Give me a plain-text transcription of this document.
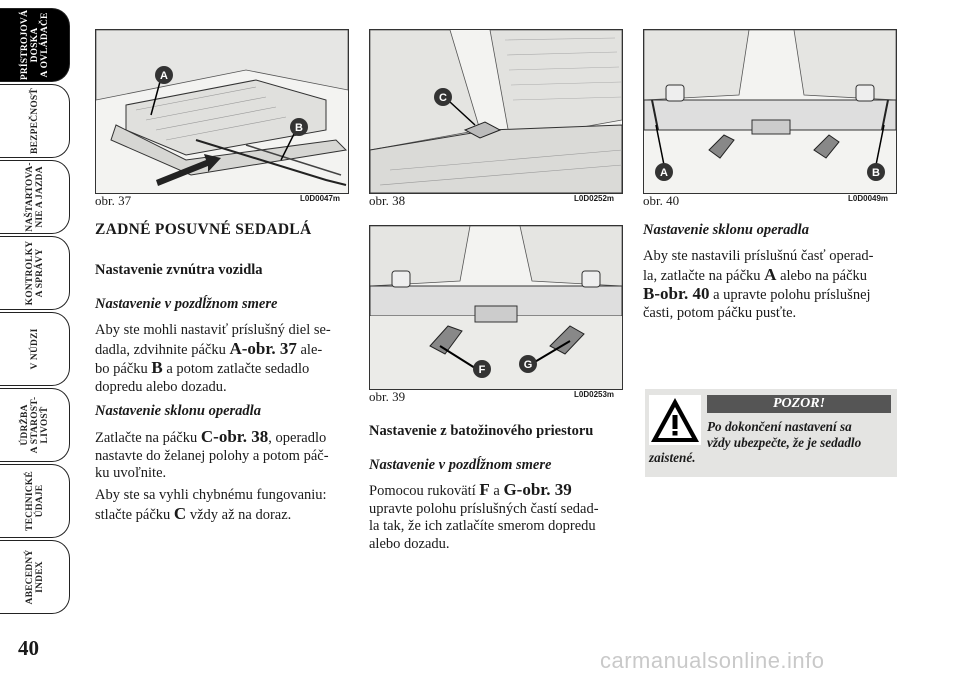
PRÍSTROJOVÁ
DOSKA
A OVLÁDAČE
BEZPEČNOSŤ
NAŠTARTOVA-
NIE A JAZDA
KONTROLKY
A SPRÁVY
V NÚDZI
ÚDRŽBA
A STAROST-
LIVOSŤ
TECHNICKÉ
ÚDAJE
ABECEDNÝ
INDEX
40
A
B
obr. 37	L0D0047m
C
obr. 38	L0D0252m
F	G
obr. 39	L0D0253m
A	B
obr. 40	L0D0049m
ZADNÉ POSUVNÉ SEDADLÁ
Nastavenie zvnútra vozidla
Nastavenie v pozdĺžnom smere
Aby ste mohli nastaviť príslušný diel se-
dadla, zdvihnite páčku A-obr. 37 ale-
bo páčku B a potom zatlačte sedadlo
dopredu alebo dozadu.
Nastavenie sklonu operadla
Zatlačte na páčku C-obr. 38, operadlo
nastavte do želanej polohy a potom páč-
ku uvoľnite.
Aby ste sa vyhli chybnému fungovaniu:
stlačte páčku C vždy až na doraz.
Nastavenie z batožinového priestoru
Nastavenie v pozdĺžnom smere
Pomocou rukovätí F a G-obr. 39
upravte polohu príslušných častí sedad-
la tak, že ich zatlačíte smerom dopredu
alebo dozadu.
Nastavenie sklonu operadla
Aby ste nastavili príslušnú časť operad-
la, zatlačte na páčku A alebo na páčku
B-obr. 40 a upravte polohu príslušnej
časti, potom páčku pusťte.
POZOR!
Po dokončení nastavení sa
vždy ubezpečte, že je sedadlo
zaistené.
carmanualsonline.info
